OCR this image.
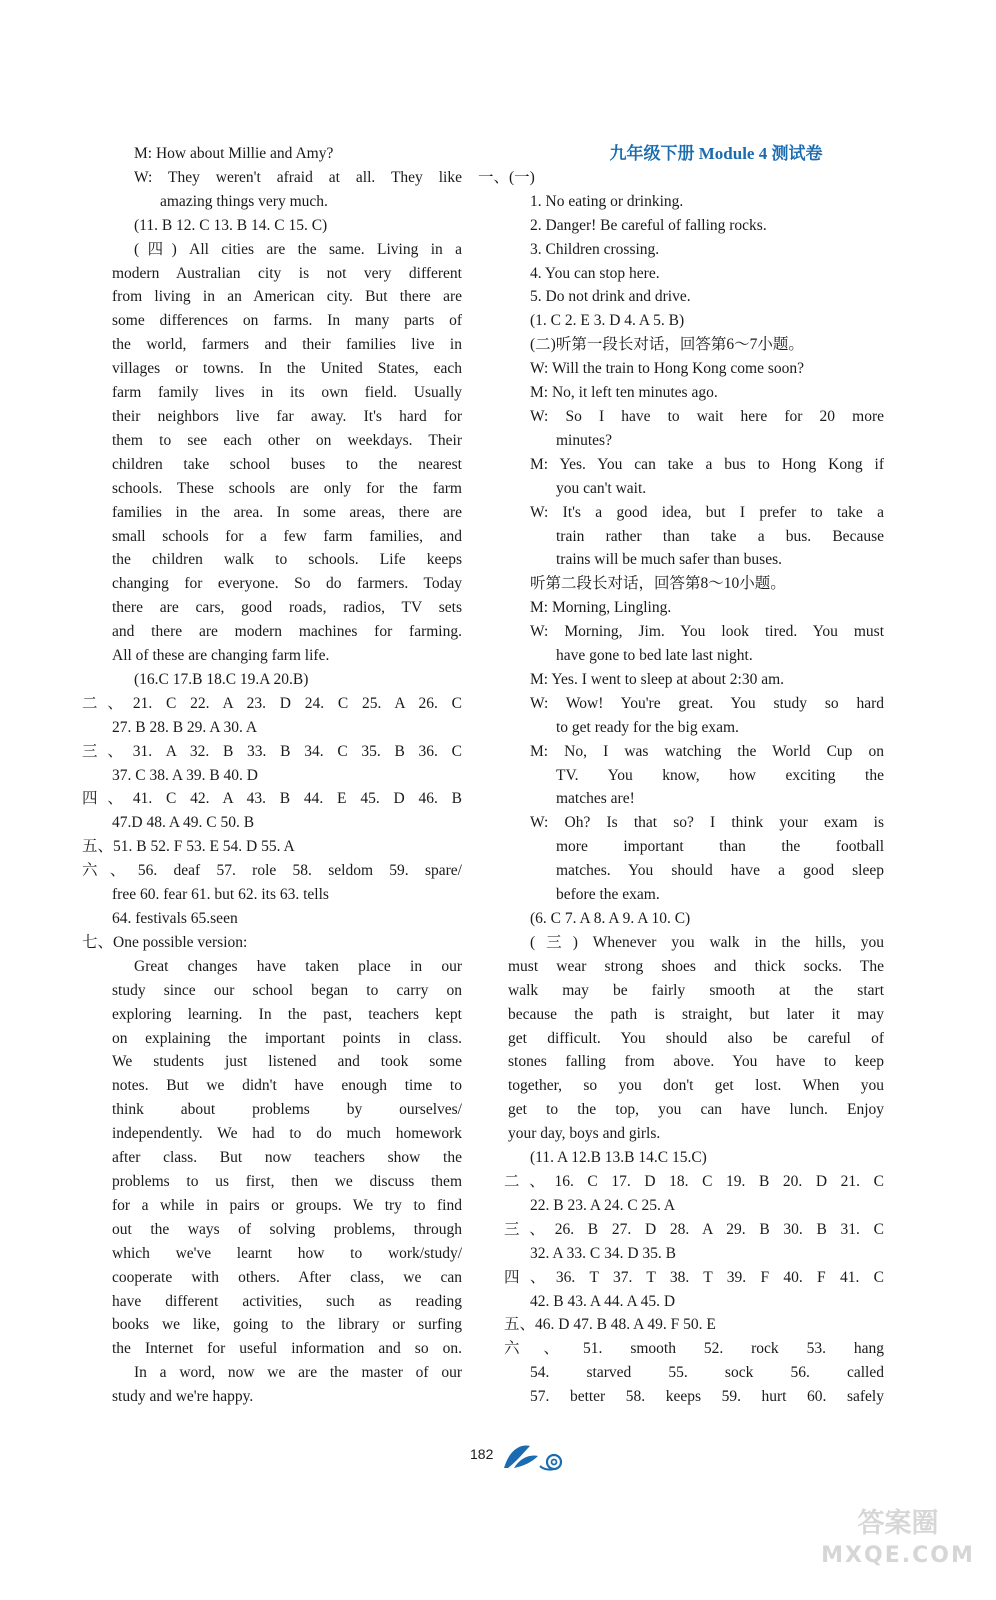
M: How about Millie and Amy?
W: They weren't afraid at all. They like
amazing things very much.
(11. B 12. C 13. B 14. C 15. C)
(四) All cities are the same. Living in a
modern Australian city is not very different
from living in an American city. But there are
some differences on farms. In many parts of
the world, farmers and their families live in
villages or towns. In the United States, each
farm family lives in its own field. Usually
their neighbors live far away. It's hard for
them to see each other on weekdays. Their
children take school buses to the nearest
schools. These schools are only for the farm
families in the area. In some areas, there are
small schools for a few farm families, and
the children walk to schools. Life keeps
changing for everyone. So do farmers. Today
there are cars, good roads, radios, TV sets
and there are modern machines for farming.
All of these are changing farm life.
(16.C 17.B 18.C 19.A 20.B)
二、21. C 22. A 23. D 24. C 25. A 26. C
27. B 28. B 29. A 30. A
三、31. A 32. B 33. B 34. C 35. B 36. C
37. C 38. A 39. B 40. D
四、41. C 42. A 43. B 44. E 45. D 46. B
47.D 48. A 49. C 50. B
五、51. B 52. F 53. E 54. D 55. A
六、56. deaf 57. role 58. seldom 59. spare/
free 60. fear 61. but 62. its 63. tells
64. festivals 65.seen
七、One possible version:
Great changes have taken place in our
study since our school began to carry on
exploring learning. In the past, teachers kept
on explaining the important points in class.
We students just listened and took some
notes. But we didn't have enough time to
think about problems by ourselves/
independently. We had to do much homework
after class. But now teachers show the
problems to us first, then we discuss them
for a while in pairs or groups. We try to find
out the ways of solving problems, through
which we've learnt how to work/study/
cooperate with others. After class, we can
have different activities, such as reading
books we like, going to the library or surfing
the Internet for useful information and so on.
In a word, now we are the master of our
study and we're happy.
九年级下册 Module 4 测试卷
一、(一)
1. No eating or drinking.
2. Danger! Be careful of falling rocks.
3. Children crossing.
4. You can stop here.
5. Do not drink and drive.
(1. C 2. E 3. D 4. A 5. B)
(二)听第一段长对话，回答第6～7小题。
W: Will the train to Hong Kong come soon?
M: No, it left ten minutes ago.
W: So I have to wait here for 20 more
minutes?
M: Yes. You can take a bus to Hong Kong if
you can't wait.
W: It's a good idea, but I prefer to take a
train rather than take a bus. Because
trains will be much safer than buses.
听第二段长对话，回答第8～10小题。
M: Morning, Lingling.
W: Morning, Jim. You look tired. You must
have gone to bed late last night.
M: Yes. I went to sleep at about 2:30 am.
W: Wow! You're great. You study so hard
to get ready for the big exam.
M: No, I was watching the World Cup on
TV. You know, how exciting the
matches are!
W: Oh? Is that so? I think your exam is
more important than the football
matches. You should have a good sleep
before the exam.
(6. C 7. A 8. A 9. A 10. C)
(三) Whenever you walk in the hills, you
must wear strong shoes and thick socks. The
walk may be fairly smooth at the start
because the path is straight, but later it may
get difficult. You should also be careful of
stones falling from above. You have to keep
together, so you don't get lost. When you
get to the top, you can have lunch. Enjoy
your day, boys and girls.
(11. A 12.B 13.B 14.C 15.C)
二、16. C 17. D 18. C 19. B 20. D 21. C
22. B 23. A 24. C 25. A
三、26. B 27. D 28. A 29. B 30. B 31. C
32. A 33. C 34. D 35. B
四、36. T 37. T 38. T 39. F 40. F 41. C
42. B 43. A 44. A 45. D
五、46. D 47. B 48. A 49. F 50. E
六、51. smooth 52. rock 53. hang
54. starved 55. sock 56. called
57. better 58. keeps 59. hurt 60. safely
182
答案圈
MXQE.COM
